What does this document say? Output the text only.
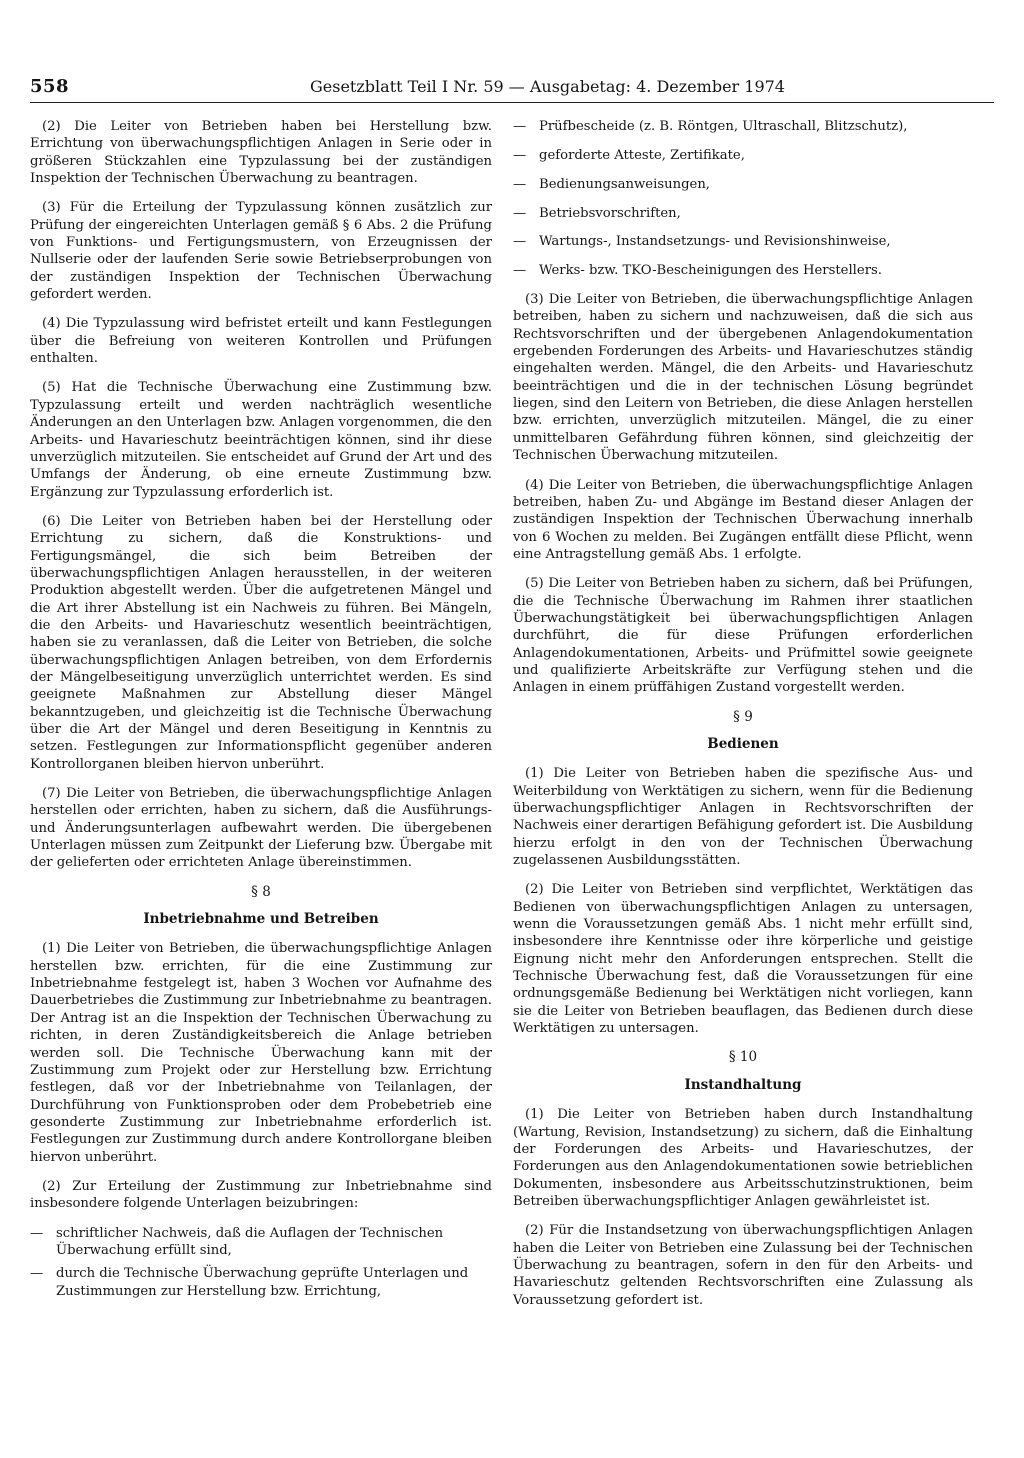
558	Gesetzblatt Teil I Nr. 59 — Ausgabetag: 4. Dezember 1974

(2) Die Leiter von Betrieben haben bei Herstellung bzw. Errichtung von überwachungspflichtigen Anlagen in Serie oder in größeren Stückzahlen eine Typzulassung bei der zuständigen Inspektion der Technischen Überwachung zu beantragen.

(3) Für die Erteilung der Typzulassung können zusätzlich zur Prüfung der eingereichten Unterlagen gemäß § 6 Abs. 2 die Prüfung von Funktions- und Fertigungsmustern, von Erzeugnissen der Nullserie oder der laufenden Serie sowie Betriebserprobungen von der zuständigen Inspektion der Technischen Überwachung gefordert werden.

(4) Die Typzulassung wird befristet erteilt und kann Festlegungen über die Befreiung von weiteren Kontrollen und Prüfungen enthalten.

(5) Hat die Technische Überwachung eine Zustimmung bzw. Typzulassung erteilt und werden nachträglich wesentliche Änderungen an den Unterlagen bzw. Anlagen vorgenommen, die den Arbeits- und Havarieschutz beeinträchtigen können, sind ihr diese unverzüglich mitzuteilen. Sie entscheidet auf Grund der Art und des Umfangs der Änderung, ob eine erneute Zustimmung bzw. Ergänzung zur Typzulassung erforderlich ist.

(6) Die Leiter von Betrieben haben bei der Herstellung oder Errichtung zu sichern, daß die Konstruktions- und Fertigungsmängel, die sich beim Betreiben der überwachungspflichtigen Anlagen herausstellen, in der weiteren Produktion abgestellt werden. Über die aufgetretenen Mängel und die Art ihrer Abstellung ist ein Nachweis zu führen. Bei Mängeln, die den Arbeits- und Havarieschutz wesentlich beeinträchtigen, haben sie zu veranlassen, daß die Leiter von Betrieben, die solche überwachungspflichtigen Anlagen betreiben, von dem Erfordernis der Mängelbeseitigung unverzüglich unterrichtet werden. Es sind geeignete Maßnahmen zur Abstellung dieser Mängel bekanntzugeben, und gleichzeitig ist die Technische Überwachung über die Art der Mängel und deren Beseitigung in Kenntnis zu setzen. Festlegungen zur Informationspflicht gegenüber anderen Kontrollorganen bleiben hiervon unberührt.

(7) Die Leiter von Betrieben, die überwachungspflichtige Anlagen herstellen oder errichten, haben zu sichern, daß die Ausführungs- und Änderungsunterlagen aufbewahrt werden. Die übergebenen Unterlagen müssen zum Zeitpunkt der Lieferung bzw. Übergabe mit der gelieferten oder errichteten Anlage übereinstimmen.

§ 8
Inbetriebnahme und Betreiben

(1) Die Leiter von Betrieben, die überwachungspflichtige Anlagen herstellen bzw. errichten, für die eine Zustimmung zur Inbetriebnahme festgelegt ist, haben 3 Wochen vor Aufnahme des Dauerbetriebes die Zustimmung zur Inbetriebnahme zu beantragen. Der Antrag ist an die Inspektion der Technischen Überwachung zu richten, in deren Zuständigkeitsbereich die Anlage betrieben werden soll. Die Technische Überwachung kann mit der Zustimmung zum Projekt oder zur Herstellung bzw. Errichtung festlegen, daß vor der Inbetriebnahme von Teilanlagen, der Durchführung von Funktionsproben oder dem Probebetrieb eine gesonderte Zustimmung zur Inbetriebnahme erforderlich ist. Festlegungen zur Zustimmung durch andere Kontrollorgane bleiben hiervon unberührt.

(2) Zur Erteilung der Zustimmung zur Inbetriebnahme sind insbesondere folgende Unterlagen beizubringen:

— schriftlicher Nachweis, daß die Auflagen der Technischen Überwachung erfüllt sind,
— durch die Technische Überwachung geprüfte Unterlagen und Zustimmungen zur Herstellung bzw. Errichtung,
— Prüfbescheide (z. B. Röntgen, Ultraschall, Blitzschutz),
— geforderte Atteste, Zertifikate,
— Bedienungsanweisungen,
— Betriebsvorschriften,
— Wartungs-, Instandsetzungs- und Revisionshinweise,
— Werks- bzw. TKO-Bescheinigungen des Herstellers.

(3) Die Leiter von Betrieben, die überwachungspflichtige Anlagen betreiben, haben zu sichern und nachzuweisen, daß die sich aus Rechtsvorschriften und der übergebenen Anlagendokumentation ergebenden Forderungen des Arbeits- und Havarieschutzes ständig eingehalten werden. Mängel, die den Arbeits- und Havarieschutz beeinträchtigen und die in der technischen Lösung begründet liegen, sind den Leitern von Betrieben, die diese Anlagen herstellen bzw. errichten, unverzüglich mitzuteilen. Mängel, die zu einer unmittelbaren Gefährdung führen können, sind gleichzeitig der Technischen Überwachung mitzuteilen.

(4) Die Leiter von Betrieben, die überwachungspflichtige Anlagen betreiben, haben Zu- und Abgänge im Bestand dieser Anlagen der zuständigen Inspektion der Technischen Überwachung innerhalb von 6 Wochen zu melden. Bei Zugängen entfällt diese Pflicht, wenn eine Antragstellung gemäß Abs. 1 erfolgte.

(5) Die Leiter von Betrieben haben zu sichern, daß bei Prüfungen, die die Technische Überwachung im Rahmen ihrer staatlichen Überwachungstätigkeit bei überwachungspflichtigen Anlagen durchführt, die für diese Prüfungen erforderlichen Anlagendokumentationen, Arbeits- und Prüfmittel sowie geeignete und qualifizierte Arbeitskräfte zur Verfügung stehen und die Anlagen in einem prüffähigen Zustand vorgestellt werden.

§ 9
Bedienen

(1) Die Leiter von Betrieben haben die spezifische Aus- und Weiterbildung von Werktätigen zu sichern, wenn für die Bedienung überwachungspflichtiger Anlagen in Rechtsvorschriften der Nachweis einer derartigen Befähigung gefordert ist. Die Ausbildung hierzu erfolgt in den von der Technischen Überwachung zugelassenen Ausbildungsstätten.

(2) Die Leiter von Betrieben sind verpflichtet, Werktätigen das Bedienen von überwachungspflichtigen Anlagen zu untersagen, wenn die Voraussetzungen gemäß Abs. 1 nicht mehr erfüllt sind, insbesondere ihre Kenntnisse oder ihre körperliche und geistige Eignung nicht mehr den Anforderungen entsprechen. Stellt die Technische Überwachung fest, daß die Voraussetzungen für eine ordnungsgemäße Bedienung bei Werktätigen nicht vorliegen, kann sie die Leiter von Betrieben beauflagen, das Bedienen durch diese Werktätigen zu untersagen.

§ 10
Instandhaltung

(1) Die Leiter von Betrieben haben durch Instandhaltung (Wartung, Revision, Instandsetzung) zu sichern, daß die Einhaltung der Forderungen des Arbeits- und Havarieschutzes, der Forderungen aus den Anlagendokumentationen sowie betrieblichen Dokumenten, insbesondere aus Arbeitsschutzinstruktionen, beim Betreiben überwachungspflichtiger Anlagen gewährleistet ist.

(2) Für die Instandsetzung von überwachungspflichtigen Anlagen haben die Leiter von Betrieben eine Zulassung bei der Technischen Überwachung zu beantragen, sofern in den für den Arbeits- und Havarieschutz geltenden Rechtsvorschriften eine Zulassung als Voraussetzung gefordert ist.
